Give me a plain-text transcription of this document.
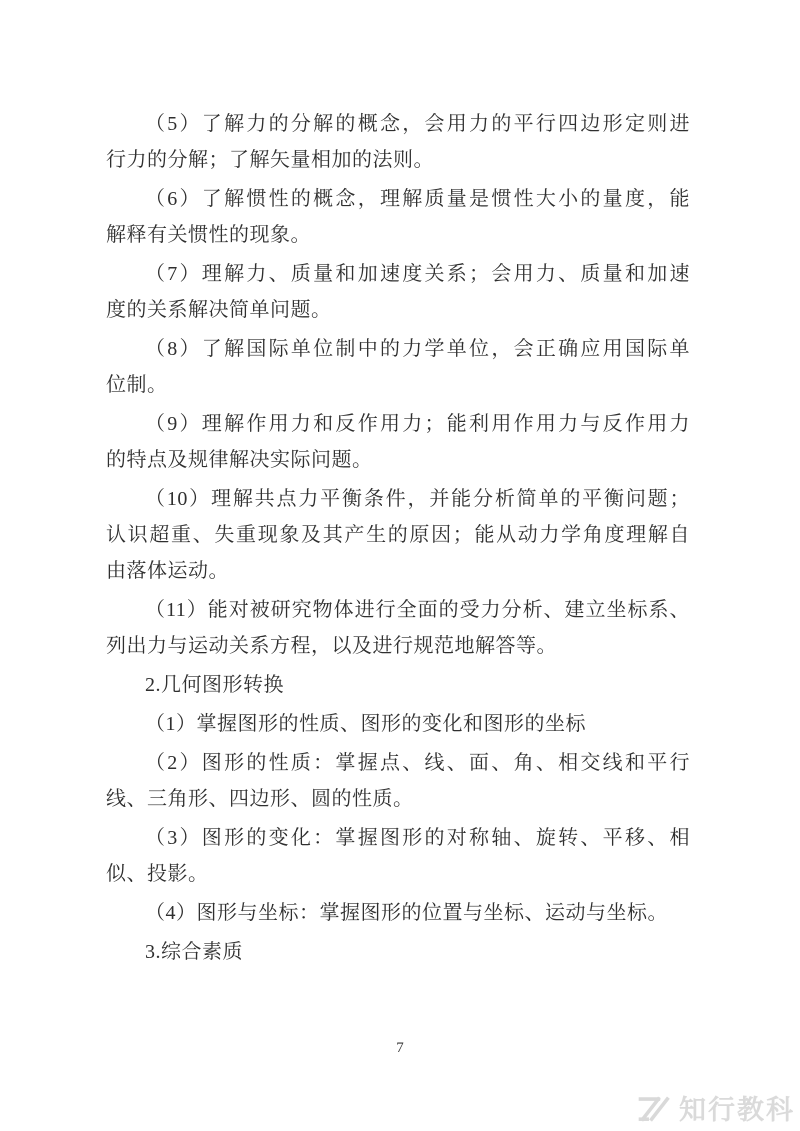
（5）了解力的分解的概念，会用力的平行四边形定则进
行力的分解；了解矢量相加的法则。
（6）了解惯性的概念，理解质量是惯性大小的量度，能
解释有关惯性的现象。
（7）理解力、质量和加速度关系；会用力、质量和加速
度的关系解决简单问题。
（8）了解国际单位制中的力学单位，会正确应用国际单
位制。
（9）理解作用力和反作用力；能利用作用力与反作用力
的特点及规律解决实际问题。
（10）理解共点力平衡条件，并能分析简单的平衡问题；
认识超重、失重现象及其产生的原因；能从动力学角度理解自
由落体运动。
（11）能对被研究物体进行全面的受力分析、建立坐标系、
列出力与运动关系方程，以及进行规范地解答等。
2.几何图形转换
（1）掌握图形的性质、图形的变化和图形的坐标
（2）图形的性质：掌握点、线、面、角、相交线和平行
线、三角形、四边形、圆的性质。
（3）图形的变化：掌握图形的对称轴、旋转、平移、相
似、投影。
（4）图形与坐标：掌握图形的位置与坐标、运动与坐标。
3.综合素质
7
知行教科
